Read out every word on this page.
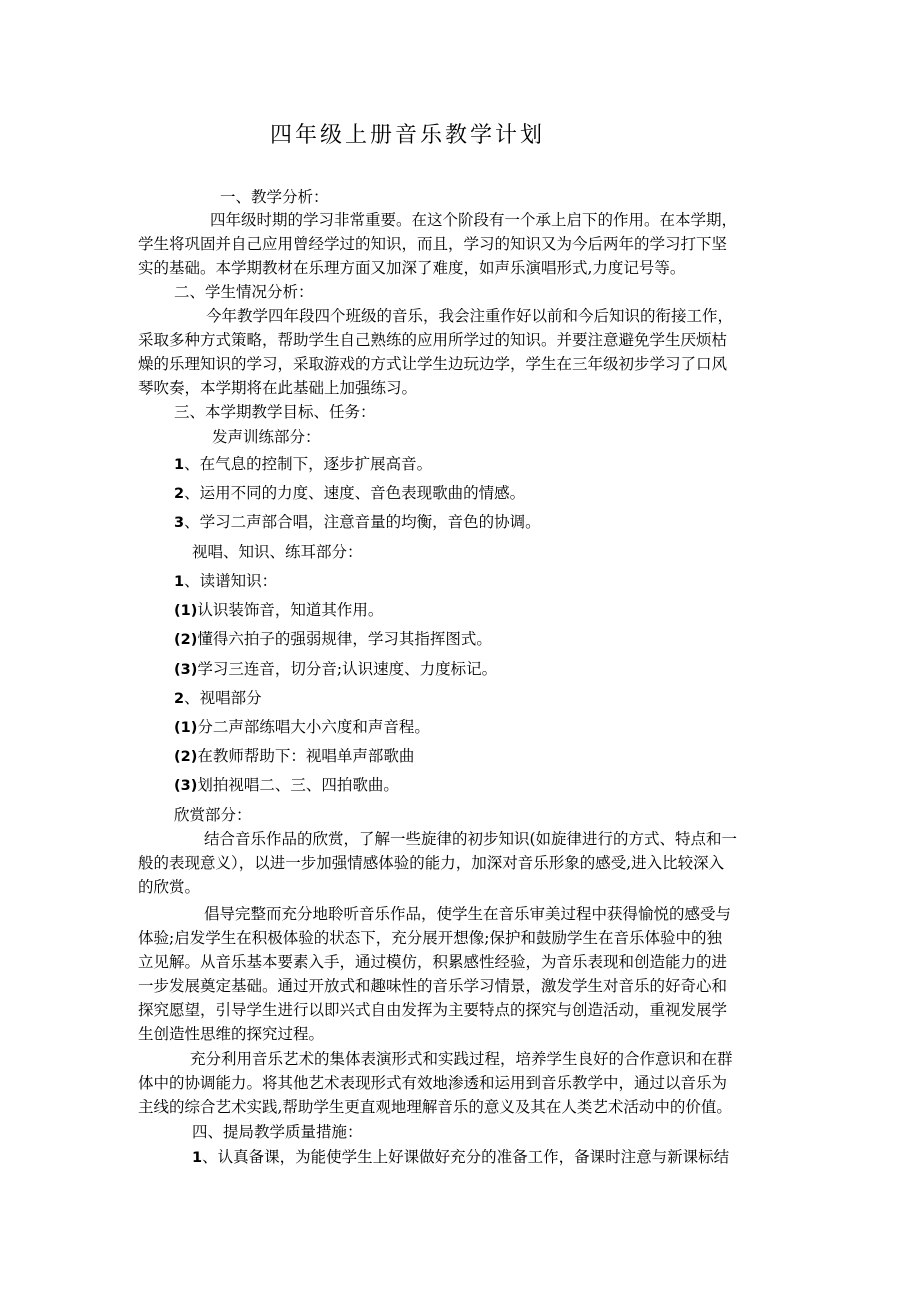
四年级上册音乐教学计划
一、教学分析：
四年级时期的学习非常重要。在这个阶段有一个承上启下的作用。在本学期，
学生将巩固并自己应用曾经学过的知识，而且，学习的知识又为今后两年的学习打下坚
实的基础。本学期教材在乐理方面又加深了难度，如声乐演唱形式,力度记号等。
二、学生情况分析：
今年教学四年段四个班级的音乐，我会注重作好以前和今后知识的衔接工作，
采取多种方式策略，帮助学生自己熟练的应用所学过的知识。并要注意避免学生厌烦枯
燥的乐理知识的学习，采取游戏的方式让学生边玩边学，学生在三年级初步学习了口风
琴吹奏，本学期将在此基础上加强练习。
三、本学期教学目标、任务：
发声训练部分：
1、在气息的控制下，逐步扩展高音。
2、运用不同的力度、速度、音色表现歌曲的情感。
3、学习二声部合唱，注意音量的均衡，音色的协调。
视唱、知识、练耳部分：
1、读谱知识：
(1)认识装饰音，知道其作用。
(2)懂得六拍子的强弱规律，学习其指挥图式。
(3)学习三连音，切分音;认识速度、力度标记。
2、视唱部分
(1)分二声部练唱大小六度和声音程。
(2)在教师帮助下：视唱单声部歌曲
(3)划拍视唱二、三、四拍歌曲。
欣赏部分：
结合音乐作品的欣赏，了解一些旋律的初步知识(如旋律进行的方式、特点和一
般的表现意义），以进一步加强情感体验的能力，加深对音乐形象的感受,进入比较深入
的欣赏。
倡导完整而充分地聆听音乐作品，使学生在音乐审美过程中获得愉悦的感受与
体验;启发学生在积极体验的状态下，充分展开想像;保护和鼓励学生在音乐体验中的独
立见解。从音乐基本要素入手，通过模仿，积累感性经验，为音乐表现和创造能力的进
一步发展奠定基础。通过开放式和趣味性的音乐学习情景，激发学生对音乐的好奇心和
探究愿望，引导学生进行以即兴式自由发挥为主要特点的探究与创造活动，重视发展学
生创造性思维的探究过程。
充分利用音乐艺术的集体表演形式和实践过程，培养学生良好的合作意识和在群
体中的协调能力。将其他艺术表现形式有效地渗透和运用到音乐教学中，通过以音乐为
主线的综合艺术实践,帮助学生更直观地理解音乐的意义及其在人类艺术活动中的价值。
四、提局教学质量措施：
1、认真备课，为能使学生上好课做好充分的准备工作，备课时注意与新课标结
